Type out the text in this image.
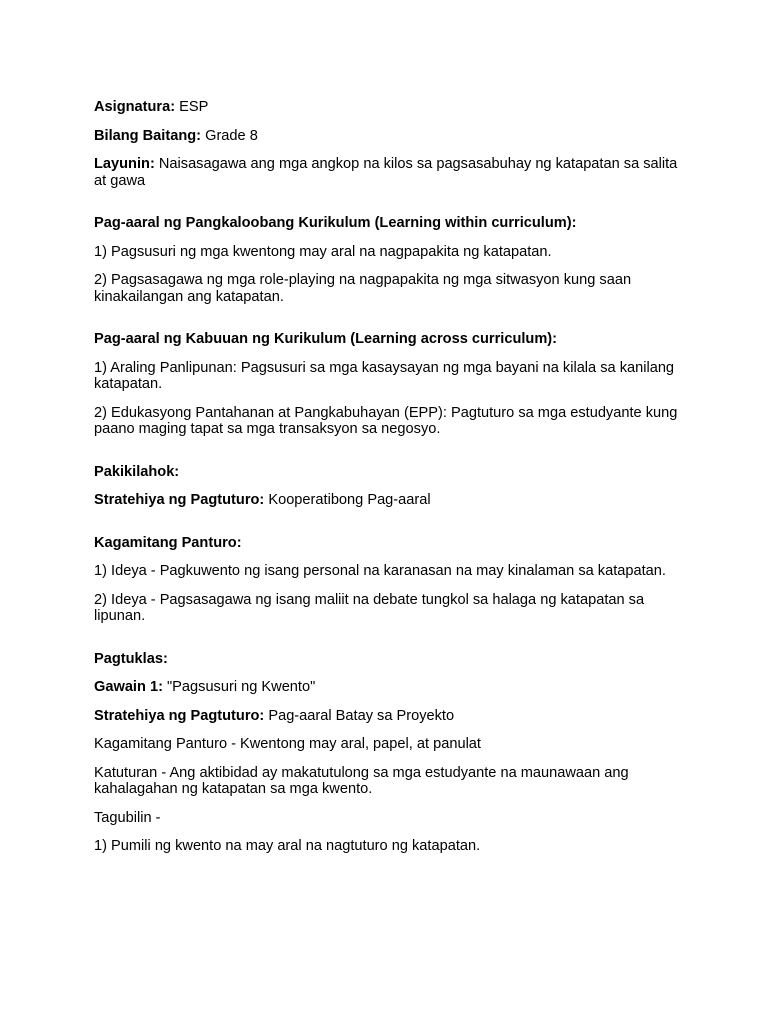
Asignatura: ESP

Bilang Baitang: Grade 8

Layunin: Naisasagawa ang mga angkop na kilos sa pagsasabuhay ng katapatan sa salita at gawa

Pag-aaral ng Pangkaloobang Kurikulum (Learning within curriculum):

1) Pagsusuri ng mga kwentong may aral na nagpapakita ng katapatan.

2) Pagsasagawa ng mga role-playing na nagpapakita ng mga sitwasyon kung saan kinakailangan ang katapatan.

Pag-aaral ng Kabuuan ng Kurikulum (Learning across curriculum):

1) Araling Panlipunan: Pagsusuri sa mga kasaysayan ng mga bayani na kilala sa kanilang katapatan.

2) Edukasyong Pantahanan at Pangkabuhayan (EPP): Pagtuturo sa mga estudyante kung paano maging tapat sa mga transaksyon sa negosyo.

Pakikilahok:

Stratehiya ng Pagtuturo: Kooperatibong Pag-aaral

Kagamitang Panturo:

1) Ideya - Pagkuwento ng isang personal na karanasan na may kinalaman sa katapatan.

2) Ideya - Pagsasagawa ng isang maliit na debate tungkol sa halaga ng katapatan sa lipunan.

Pagtuklas:

Gawain 1: "Pagsusuri ng Kwento"

Stratehiya ng Pagtuturo: Pag-aaral Batay sa Proyekto

Kagamitang Panturo - Kwentong may aral, papel, at panulat

Katuturan - Ang aktibidad ay makatutulong sa mga estudyante na maunawaan ang kahalagahan ng katapatan sa mga kwento.

Tagubilin -

1) Pumili ng kwento na may aral na nagtuturo ng katapatan.
